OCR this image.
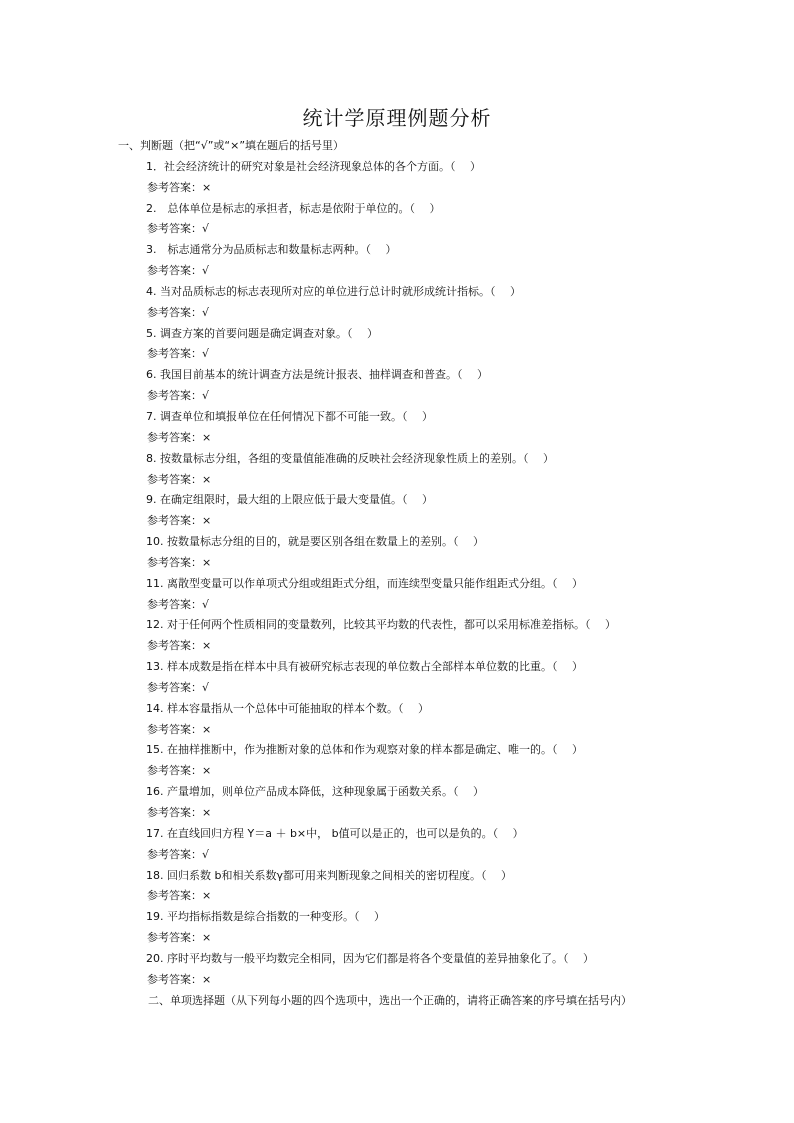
统计学原理例题分析
一、判断题（把“√”或“×”填在题后的括号里）
1．社会经济统计的研究对象是社会经济现象总体的各个方面。（　 ）
参考答案：×
2.　总体单位是标志的承担者，标志是依附于单位的。（　 ）
参考答案：√
3.　标志通常分为品质标志和数量标志两种。（　 ）
参考答案：√
4. 当对品质标志的标志表现所对应的单位进行总计时就形成统计指标。（　 ）
参考答案：√
5. 调查方案的首要问题是确定调查对象。（　 ）
参考答案：√
6. 我国目前基本的统计调查方法是统计报表、抽样调查和普查。（　 ）
参考答案：√
7. 调查单位和填报单位在任何情况下都不可能一致。（　 ）
参考答案：×
8. 按数量标志分组，各组的变量值能准确的反映社会经济现象性质上的差别。（　 ）
参考答案：×
9. 在确定组限时，最大组的上限应低于最大变量值。（　 ）
参考答案：×
10. 按数量标志分组的目的，就是要区别各组在数量上的差别。（　 ）
参考答案：×
11. 离散型变量可以作单项式分组或组距式分组，而连续型变量只能作组距式分组。（　 ）
参考答案：√
12. 对于任何两个性质相同的变量数列，比较其平均数的代表性，都可以采用标准差指标。（　 ）
参考答案：×
13. 样本成数是指在样本中具有被研究标志表现的单位数占全部样本单位数的比重。（　 ）
参考答案：√
14. 样本容量指从一个总体中可能抽取的样本个数。（　 ）
参考答案：×
15. 在抽样推断中，作为推断对象的总体和作为观察对象的样本都是确定、唯一的。（　 ）
参考答案：×
16. 产量增加，则单位产品成本降低，这种现象属于函数关系。（　 ）
参考答案：×
17. 在直线回归方程 Y＝a ＋ b×中， b值可以是正的，也可以是负的。（　 ）
参考答案：√
18. 回归系数 b和相关系数γ都可用来判断现象之间相关的密切程度。（　 ）
参考答案：×
19. 平均指标指数是综合指数的一种变形。（　 ）
参考答案：×
20. 序时平均数与一般平均数完全相同，因为它们都是将各个变量值的差异抽象化了。（　 ）
参考答案：×
二、单项选择题（从下列每小题的四个选项中，选出一个正确的，请将正确答案的序号填在括号内）
